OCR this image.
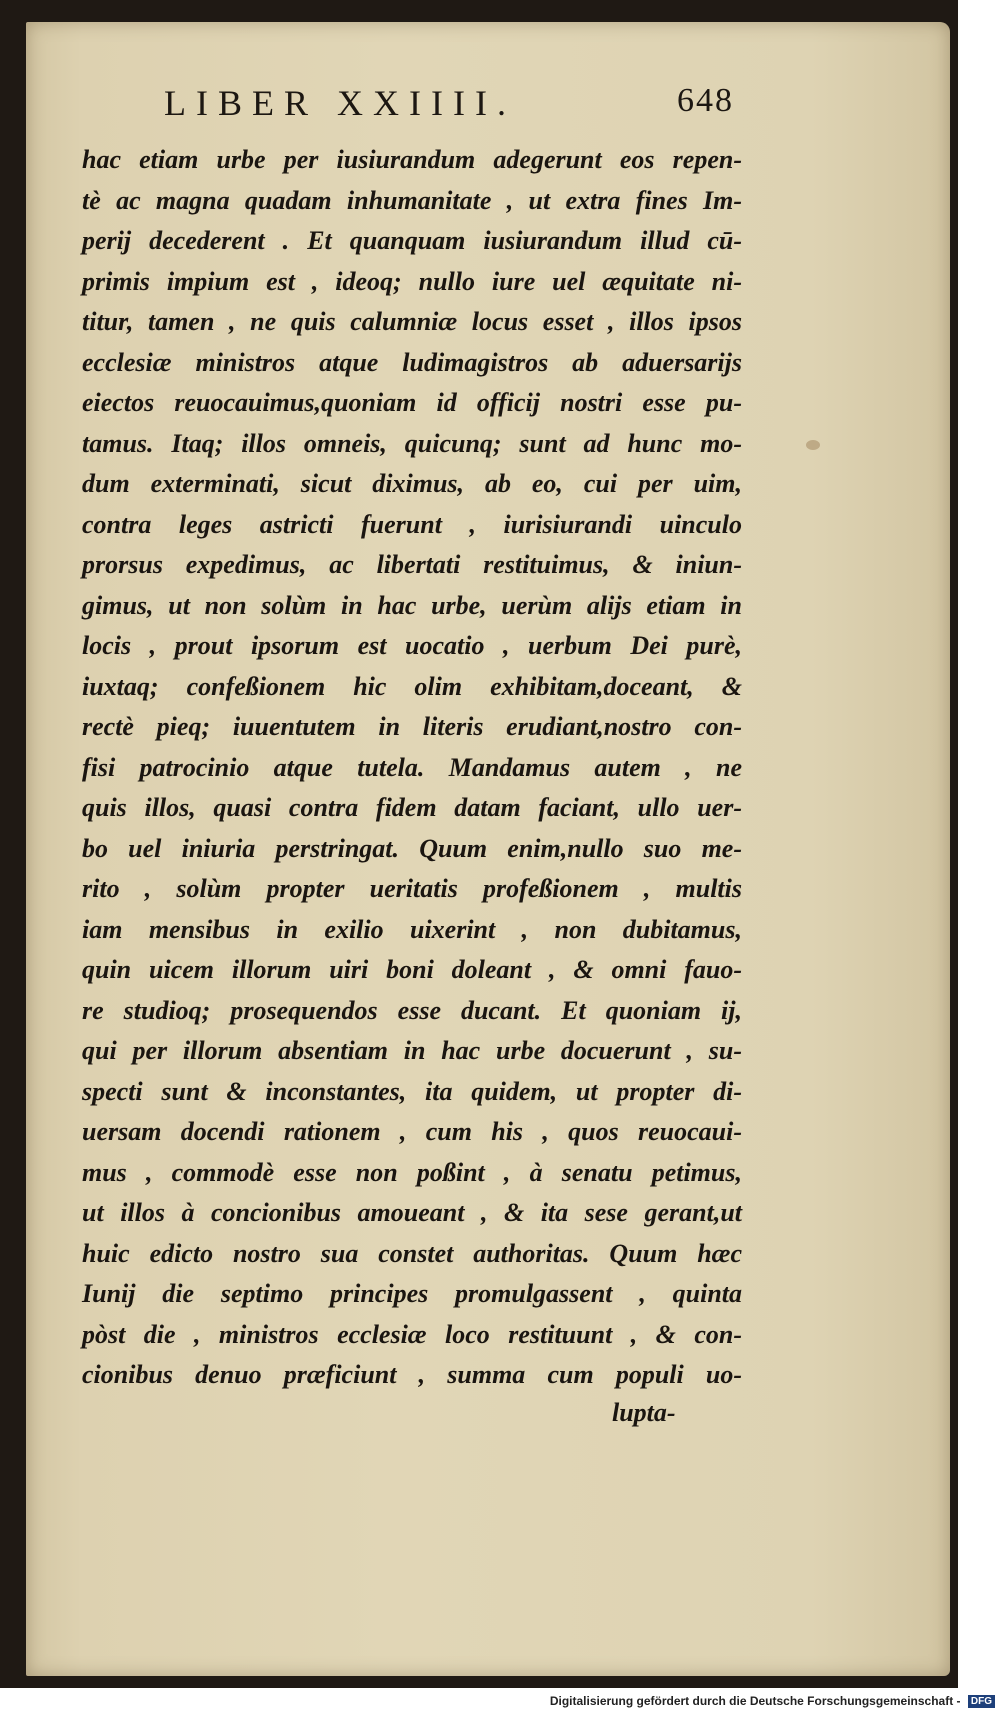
LIBER XXIIII.	648
hac etiam urbe per iusiurandum adegerunt eos repen-
tè ac magna quadam inhumanitate , ut extra fines Im-
perij decederent . Et quanquam iusiurandum illud cū-
primis impium est , ideoq; nullo iure uel æquitate ni-
titur, tamen , ne quis calumniæ locus esset , illos ipsos
ecclesiæ ministros atque ludimagistros ab aduersarijs
eiectos reuocauimus,quoniam id officij nostri esse pu-
tamus. Itaq; illos omneis, quicunq; sunt ad hunc mo-
dum exterminati, sicut diximus, ab eo, cui per uim,
contra leges astricti fuerunt , iurisiurandi uinculo
prorsus expedimus, ac libertati restituimus, & iniun-
gimus, ut non solùm in hac urbe, uerùm alijs etiam in
locis , prout ipsorum est uocatio , uerbum Dei purè,
iuxtaq; confeßionem hic olim exhibitam,doceant, &
rectè pieq; iuuentutem in literis erudiant,nostro con-
fisi patrocinio atque tutela. Mandamus autem , ne
quis illos, quasi contra fidem datam faciant, ullo uer-
bo uel iniuria perstringat. Quum enim,nullo suo me-
rito , solùm propter ueritatis profeßionem , multis
iam mensibus in exilio uixerint , non dubitamus,
quin uicem illorum uiri boni doleant , & omni fauo-
re studioq; prosequendos esse ducant. Et quoniam ij,
qui per illorum absentiam in hac urbe docuerunt , su-
specti sunt & inconstantes, ita quidem, ut propter di-
uersam docendi rationem , cum his , quos reuocaui-
mus , commodè esse non poßint , à senatu petimus,
ut illos à concionibus amoueant , & ita sese gerant,ut
huic edicto nostro sua constet authoritas. Quum hæc
Iunij die septimo principes promulgassent , quinta
pòst die , ministros ecclesiæ loco restituunt , & con-
cionibus denuo præficiunt , summa cum populi uo-
lupta-
Digitalisierung gefördert durch die Deutsche Forschungsgemeinschaft - DFG
